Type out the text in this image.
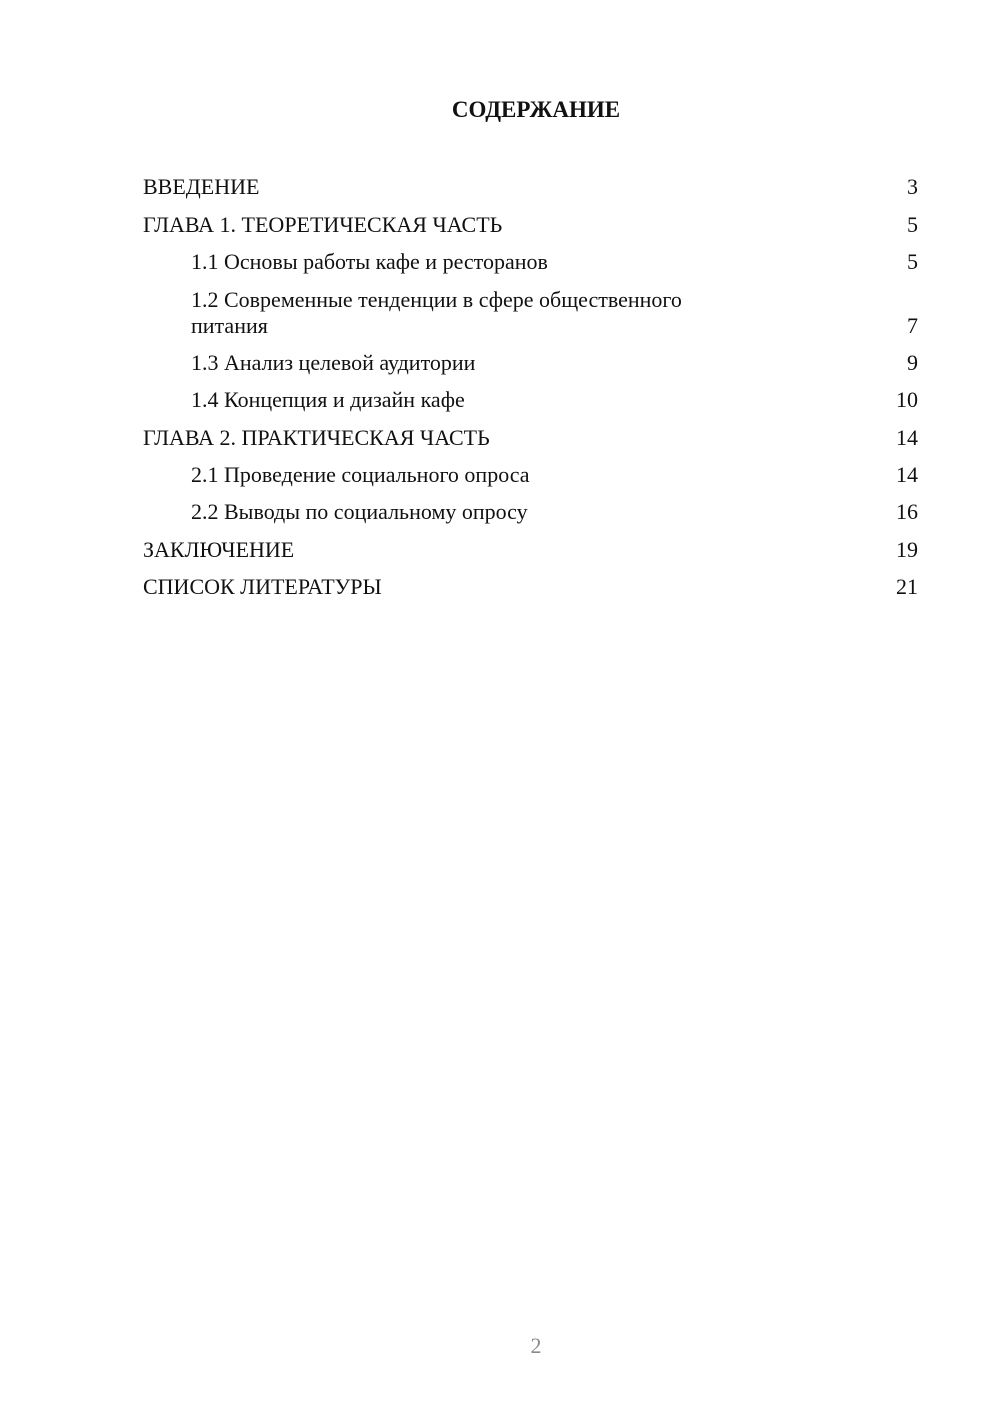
СОДЕРЖАНИЕ
ВВЕДЕНИЕ	3
ГЛАВА 1. ТЕОРЕТИЧЕСКАЯ ЧАСТЬ	5
1.1 Основы работы кафе и ресторанов	5
1.2 Современные тенденции в сфере общественного питания	7
1.3 Анализ целевой аудитории	9
1.4 Концепция и дизайн кафе	10
ГЛАВА 2. ПРАКТИЧЕСКАЯ ЧАСТЬ	14
2.1 Проведение социального опроса	14
2.2 Выводы по социальному опросу	16
ЗАКЛЮЧЕНИЕ	19
СПИСОК ЛИТЕРАТУРЫ	21
2
